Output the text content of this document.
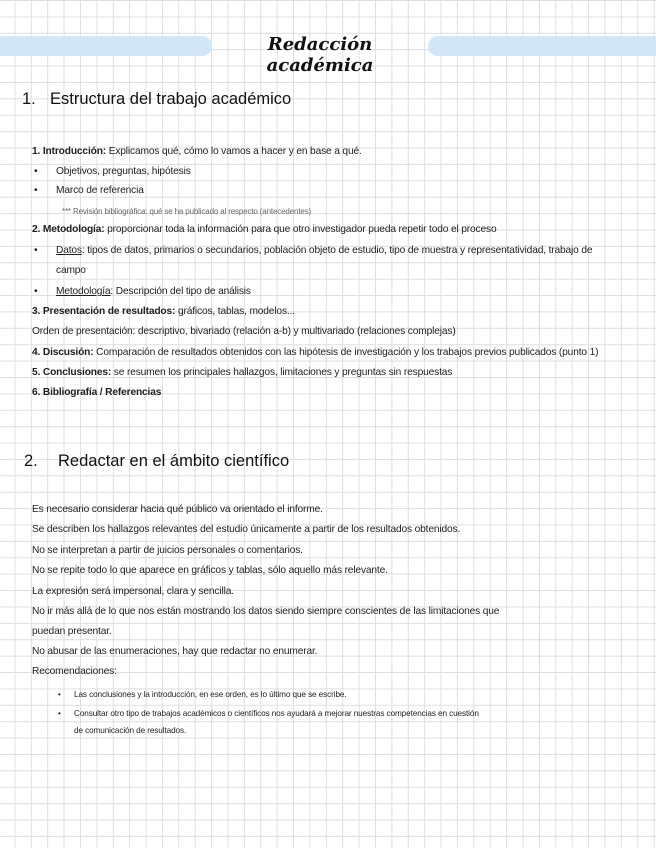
Redacción académica
1. Estructura del trabajo académico
1. Introducción: Explicamos qué, cómo lo vamos a hacer y en base a qué.
• Objetivos, preguntas, hipótesis
• Marco de referencia
*** Revisión bibliográfica: qué se ha publicado al respecto (antecedentes)
2. Metodología: proporcionar toda la información para que otro investigador pueda repetir todo el proceso
• Datos: tipos de datos, primarios o secundarios, población objeto de estudio, tipo de muestra y representatividad, trabajo de
campo
• Metodología: Descripción del tipo de análisis
3. Presentación de resultados: gráficos, tablas, modelos...
Orden de presentación: descriptivo, bivariado (relación a-b) y multivariado (relaciones complejas)
4. Discusión: Comparación de resultados obtenidos con las hipótesis de investigación y los trabajos previos publicados (punto 1)
5. Conclusiones: se resumen los principales hallazgos, limitaciones y preguntas sin respuestas
6. Bibliografía / Referencias
2. Redactar en el ámbito científico
Es necesario considerar hacia qué público va orientado el informe.
Se describen los hallazgos relevantes del estudio únicamente a partir de los resultados obtenidos.
No se interpretan a partir de juicios personales o comentarios.
No se repite todo lo que aparece en gráficos y tablas, sólo aquello más relevante.
La expresión será impersonal, clara y sencilla.
No ir más allá de lo que nos están mostrando los datos siendo siempre conscientes de las limitaciones que
puedan presentar.
No abusar de las enumeraciones, hay que redactar no enumerar.
Recomendaciones:
• Las conclusiones y la introducción, en ese orden, es lo último que se escribe.
• Consultar otro tipo de trabajos académicos o científicos nos ayudará a mejorar nuestras competencias en cuestión
de comunicación de resultados.
